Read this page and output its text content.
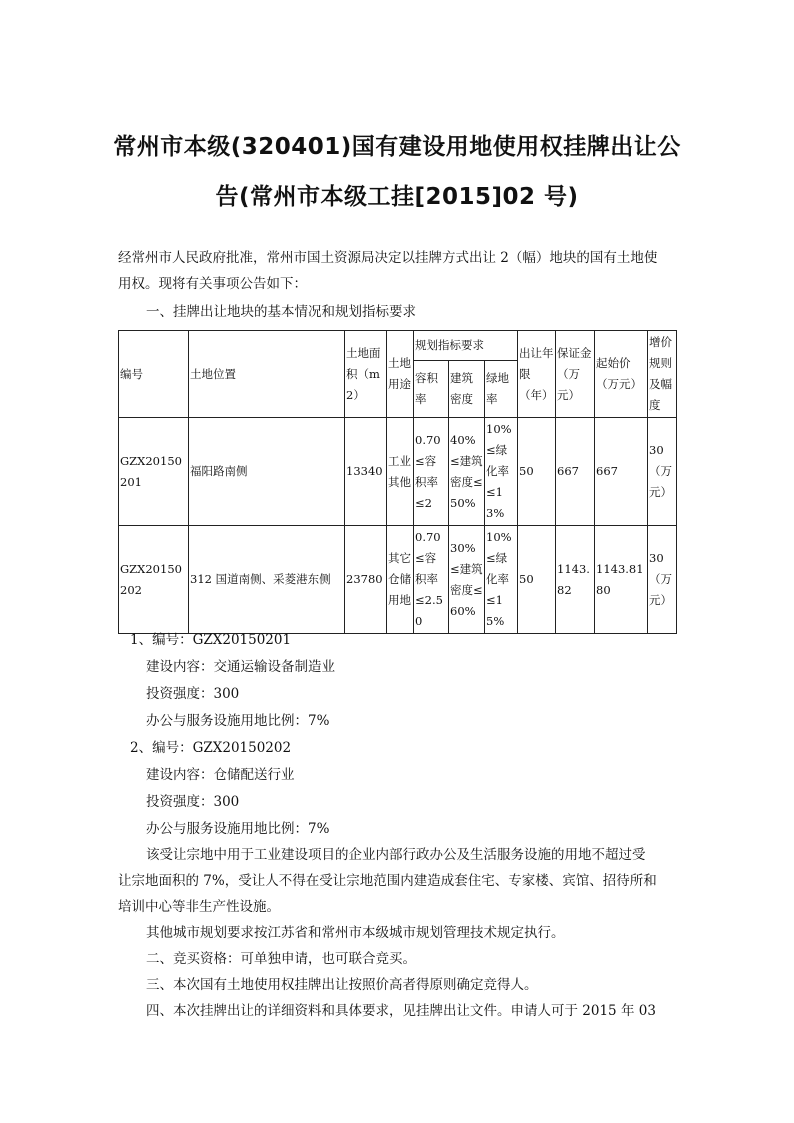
常州市本级(320401)国有建设用地使用权挂牌出让公
告(常州市本级工挂[2015]02 号)
经常州市人民政府批准，常州市国土资源局决定以挂牌方式出让 2（幅）地块的国有土地使
用权。现将有关事项公告如下：
一、挂牌出让地块的基本情况和规划指标要求
编号	土地位置	土地面积（m2）	土地用途	规划指标要求			出让年限（年）	保证金（万元）	起始价（万元）	增价规则及幅度
				容积率	建筑密度	绿地率				
GZX20150201	福阳路南侧	13340	工业其他	0.70≤容积率≤2	40%≤建筑密度≤50%	10%≤绿化率≤13%	50	667	667	30（万元）
GZX20150202	312 国道南侧、采菱港东侧	23780	其它仓储用地	0.70≤容积率≤2.50	30%≤建筑密度≤60%	10%≤绿化率≤15%	50	1143.82	1143.8180	30（万元）
1、编号：GZX20150201
建设内容：交通运输设备制造业
投资强度：300
办公与服务设施用地比例：7%
2、编号：GZX20150202
建设内容：仓储配送行业
投资强度：300
办公与服务设施用地比例：7%
该受让宗地中用于工业建设项目的企业内部行政办公及生活服务设施的用地不超过受
让宗地面积的 7%，受让人不得在受让宗地范围内建造成套住宅、专家楼、宾馆、招待所和
培训中心等非生产性设施。
其他城市规划要求按江苏省和常州市本级城市规划管理技术规定执行。
二、竞买资格：可单独申请，也可联合竞买。
三、本次国有土地使用权挂牌出让按照价高者得原则确定竞得人。
四、本次挂牌出让的详细资料和具体要求，见挂牌出让文件。申请人可于 2015 年 03
